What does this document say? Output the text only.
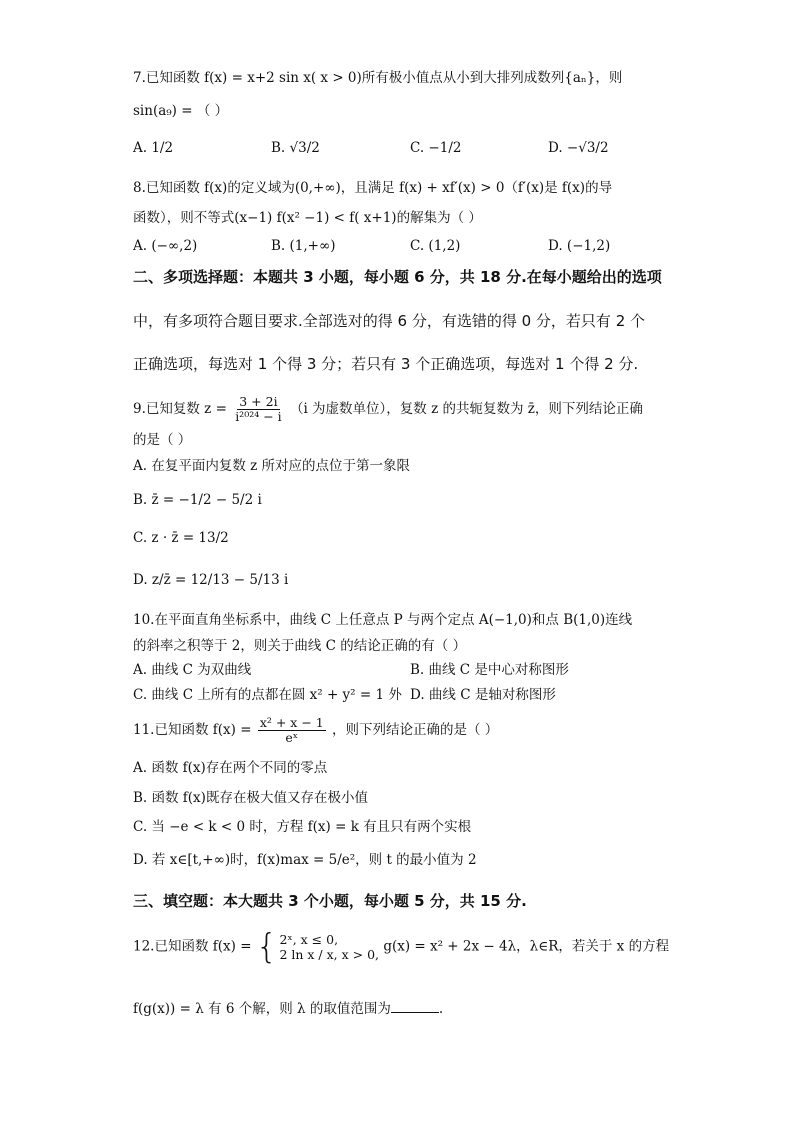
7.已知函数 f(x) = x+2 sin x( x > 0)所有极小值点从小到大排列成数列{aₙ}，则
sin(a₉) = （ ）
A. 1/2	B. √3/2	C. −1/2	D. −√3/2
8.已知函数 f(x)的定义域为(0,+∞)，且满足 f(x) + xf′(x) > 0（f′(x)是 f(x)的导
函数），则不等式(x−1) f(x² −1) < f( x+1)的解集为（ ）
A. (−∞,2)	B. (1,+∞)	C. (1,2)	D. (−1,2)
二、多项选择题：本题共 3 小题，每小题 6 分，共 18 分.在每小题给出的选项
中，有多项符合题目要求.全部选对的得 6 分，有选错的得 0 分，若只有 2 个
正确选项，每选对 1 个得 3 分；若只有 3 个正确选项，每选对 1 个得 2 分.
9.已知复数 $z = \frac{3 + 2i}{\text{i²⁰²⁴ − i}} (i$ 为虚数单位），复数 z 的共轭复数为 z̄，则下列结论正确
的是（ ）
A. 在复平面内复数 z 所对应的点位于第一象限
B. z̄ = −1/2 − 5/2 i
C. z · z̄ = 13/2
D. z/z̄ = 12/13 − 5/13 i
10.在平面直角坐标系中，曲线 C 上任意点 P 与两个定点 A(−1,0)和点 B(1,0)连线
的斜率之积等于 2，则关于曲线 C 的结论正确的有（ ）
A. 曲线 C 为双曲线	B. 曲线 C 是中心对称图形
C. 曲线 C 上所有的点都在圆 x² + y² = 1 外 D. 曲线 C 是轴对称图形
11.已知函数 $f(x) = \frac{\text{x² + x − 1}}{\text{eˣ}}$ ，则下列结论正确的是（ ）
A. 函数 f(x)存在两个不同的零点
B. 函数 f(x)既存在极大值又存在极小值
C. 当 −e < k < 0 时，方程 f(x) = k 有且只有两个实根
D. 若 x∈[t,+∞)时，f(x)max = 5/e²，则 t 的最小值为 2
三、填空题：本大题共 3 个小题，每小题 5 分，共 15 分.
12.已知函数 f(x) = { 2ˣ, x ≤ 0,
2 ln x / x, x > 0, g(x) = x² + 2x − 4λ，λ∈R，若关于 x 的方程
f(g(x)) = λ 有 6 个解，则 λ 的取值范围为	.
